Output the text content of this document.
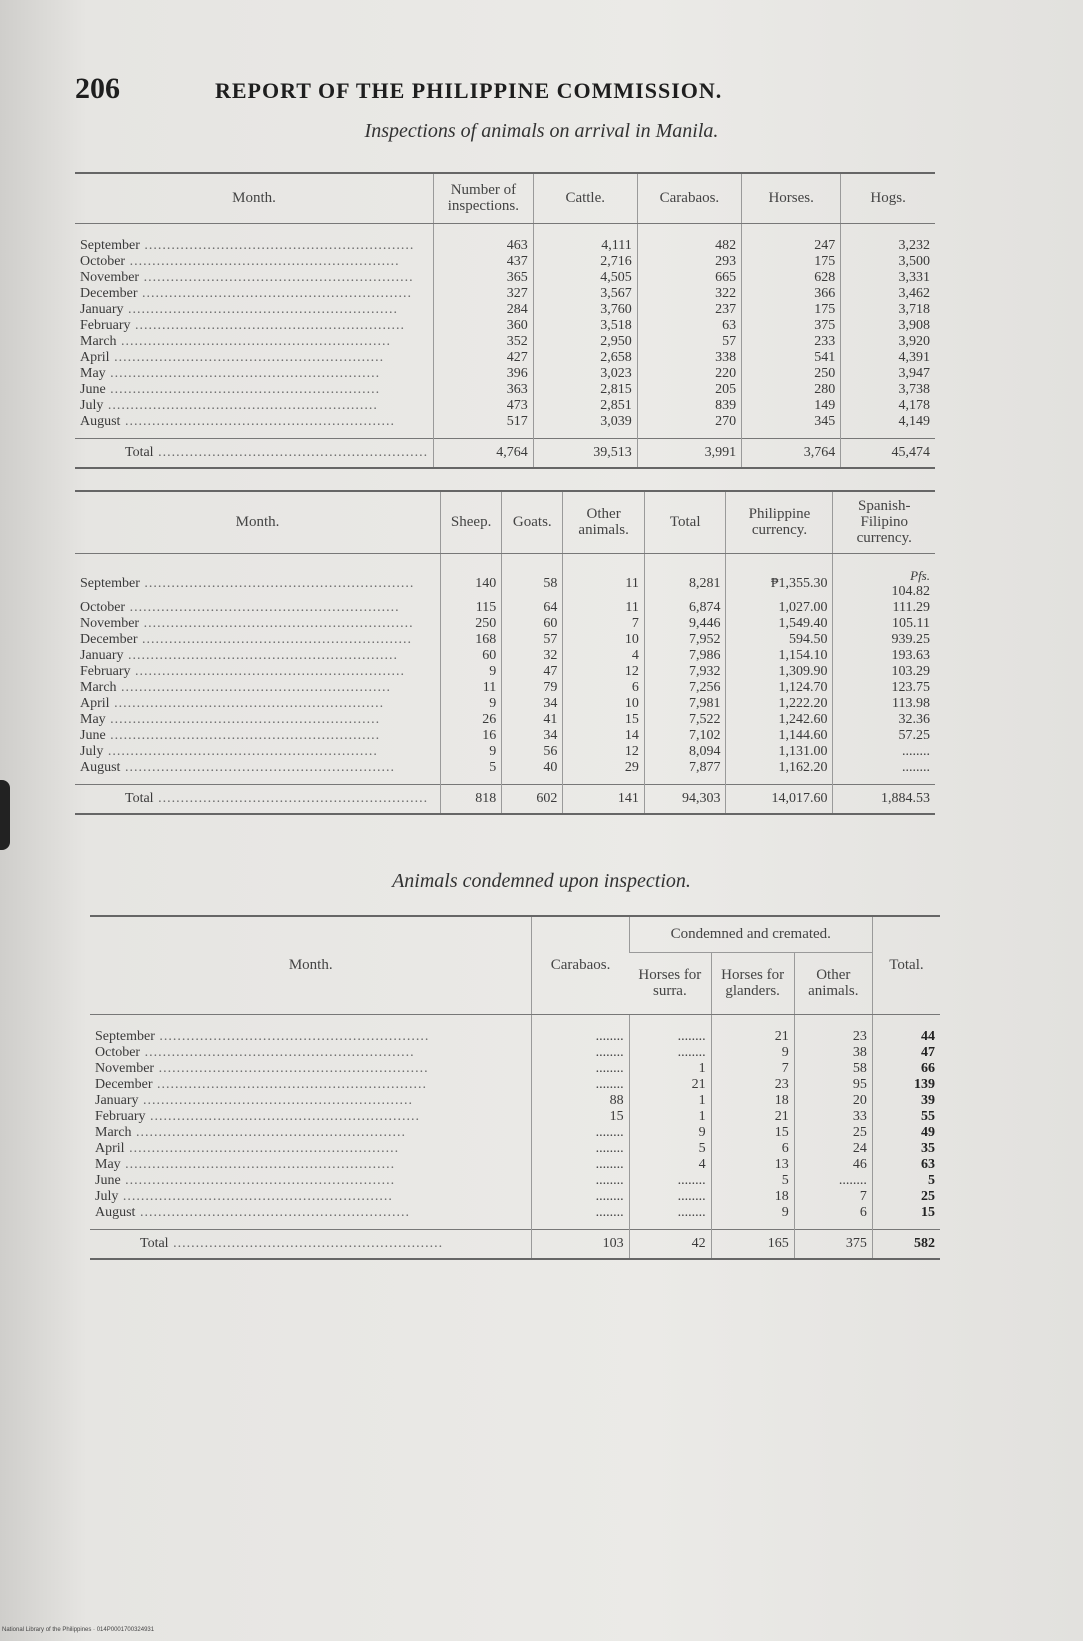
206	REPORT OF THE PHILIPPINE COMMISSION.
Inspections of animals on arrival in Manila.
Month.	Number of inspections.	Cattle.	Carabaos.	Horses.	Hogs.
September ............................................................	463	4,111	482	247	3,232
October ............................................................	437	2,716	293	175	3,500
November ............................................................	365	4,505	665	628	3,331
December ............................................................	327	3,567	322	366	3,462
January ............................................................	284	3,760	237	175	3,718
February ............................................................	360	3,518	63	375	3,908
March ............................................................	352	2,950	57	233	3,920
April ............................................................	427	2,658	338	541	4,391
May ............................................................	396	3,023	220	250	3,947
June ............................................................	363	2,815	205	280	3,738
July ............................................................	473	2,851	839	149	4,178
August ............................................................	517	3,039	270	345	4,149
Total ............................................................	4,764	39,513	3,991	3,764	45,474
Month.	Sheep.	Goats.	Other animals.	Total	Philippine currency.	Spanish-Filipino currency.
September ............................................................	140	58	11	8,281	₱1,355.30	Pfs.
104.82
October ............................................................	115	64	11	6,874	1,027.00	111.29
November ............................................................	250	60	7	9,446	1,549.40	105.11
December ............................................................	168	57	10	7,952	594.50	939.25
January ............................................................	60	32	4	7,986	1,154.10	193.63
February ............................................................	9	47	12	7,932	1,309.90	103.29
March ............................................................	11	79	6	7,256	1,124.70	123.75
April ............................................................	9	34	10	7,981	1,222.20	113.98
May ............................................................	26	41	15	7,522	1,242.60	32.36
June ............................................................	16	34	14	7,102	1,144.60	57.25
July ............................................................	9	56	12	8,094	1,131.00	........
August ............................................................	5	40	29	7,877	1,162.20	........
Total ............................................................	818	602	141	94,303	14,017.60	1,884.53
Animals condemned upon inspection.
Month.	Carabaos.	Condemned and cremated.			Total.
		Horses for surra.	Horses for glanders.	Other animals.	
September ............................................................	........	........	21	23	44
October ............................................................	........	........	9	38	47
November ............................................................	........	1	7	58	66
December ............................................................	........	21	23	95	139
January ............................................................	88	1	18	20	39
February ............................................................	15	1	21	33	55
March ............................................................	........	9	15	25	49
April ............................................................	........	5	6	24	35
May ............................................................	........	4	13	46	63
June ............................................................	........	........	5	........	5
July ............................................................	........	........	18	7	25
August ............................................................	........	........	9	6	15
Total ............................................................	103	42	165	375	582
National Library of the Philippines · 014P0001700324931
